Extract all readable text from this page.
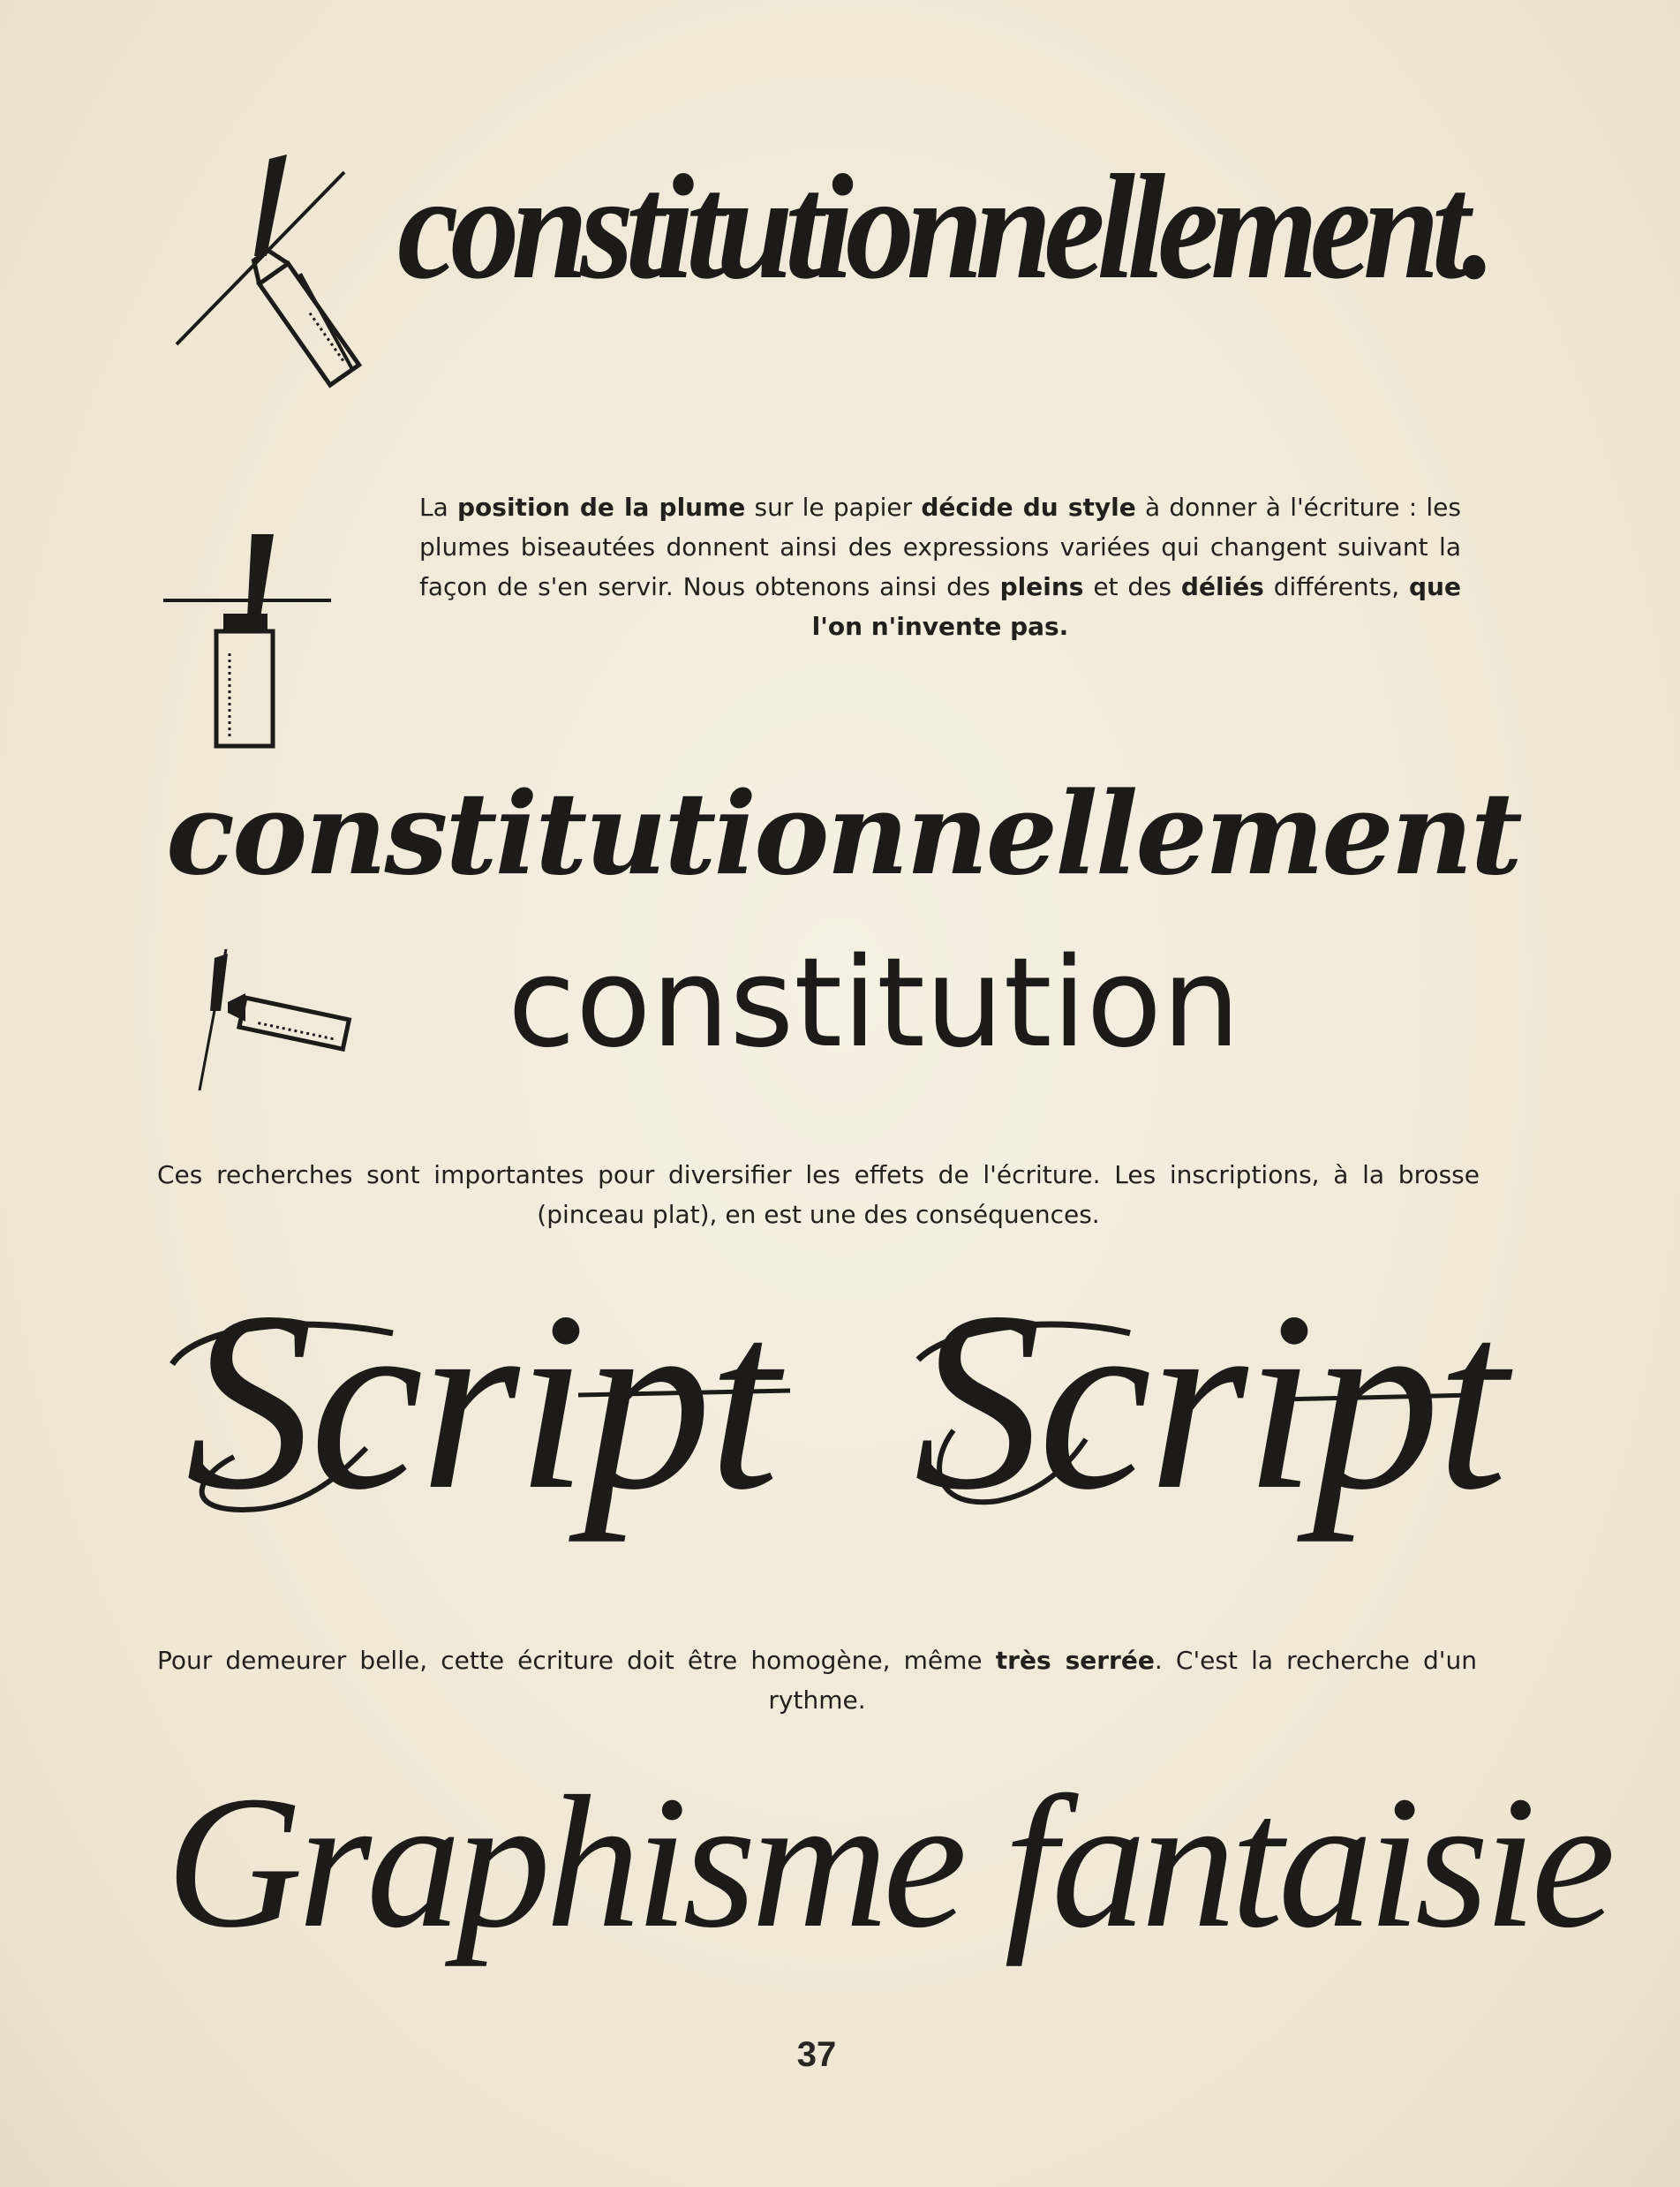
constitutionnellement.
La position de la plume sur le papier décide du style à donner à l'écriture : les plumes biseautées donnent ainsi des expressions variées qui changent suivant la façon de s'en servir. Nous obtenons ainsi des pleins et des déliés différents, que l'on n'invente pas.
constitutionnellement
constitution
Ces recherches sont importantes pour diversifier les effets de l'écriture. Les inscriptions, à la brosse (pinceau plat), en est une des conséquences.
Script Script
Pour demeurer belle, cette écriture doit être homogène, même très serrée. C'est la recherche d'un rythme.
Graphisme fantaisie
37
